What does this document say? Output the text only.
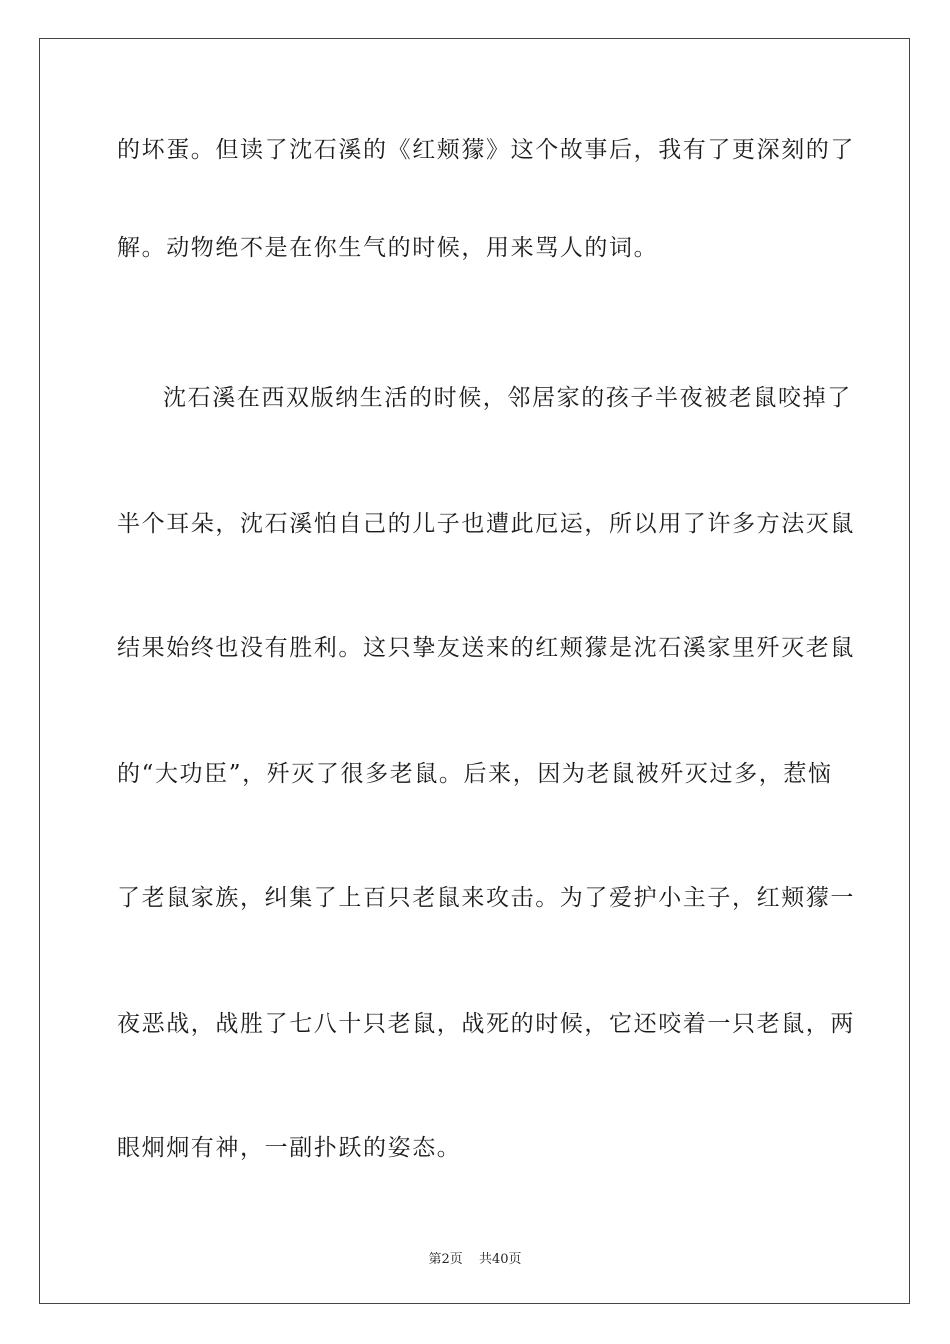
的坏蛋。但读了沈石溪的《红颊獴》这个故事后，我有了更深刻的了
解。动物绝不是在你生气的时候，用来骂人的词。
沈石溪在西双版纳生活的时候，邻居家的孩子半夜被老鼠咬掉了
半个耳朵，沈石溪怕自己的儿子也遭此厄运，所以用了许多方法灭鼠
结果始终也没有胜利。这只挚友送来的红颊獴是沈石溪家里歼灭老鼠
的“大功臣”，歼灭了很多老鼠。后来，因为老鼠被歼灭过多，惹恼
了老鼠家族，纠集了上百只老鼠来攻击。为了爱护小主子，红颊獴一
夜恶战，战胜了七八十只老鼠，战死的时候，它还咬着一只老鼠，两
眼炯炯有神，一副扑跃的姿态。
第2页 共40页
